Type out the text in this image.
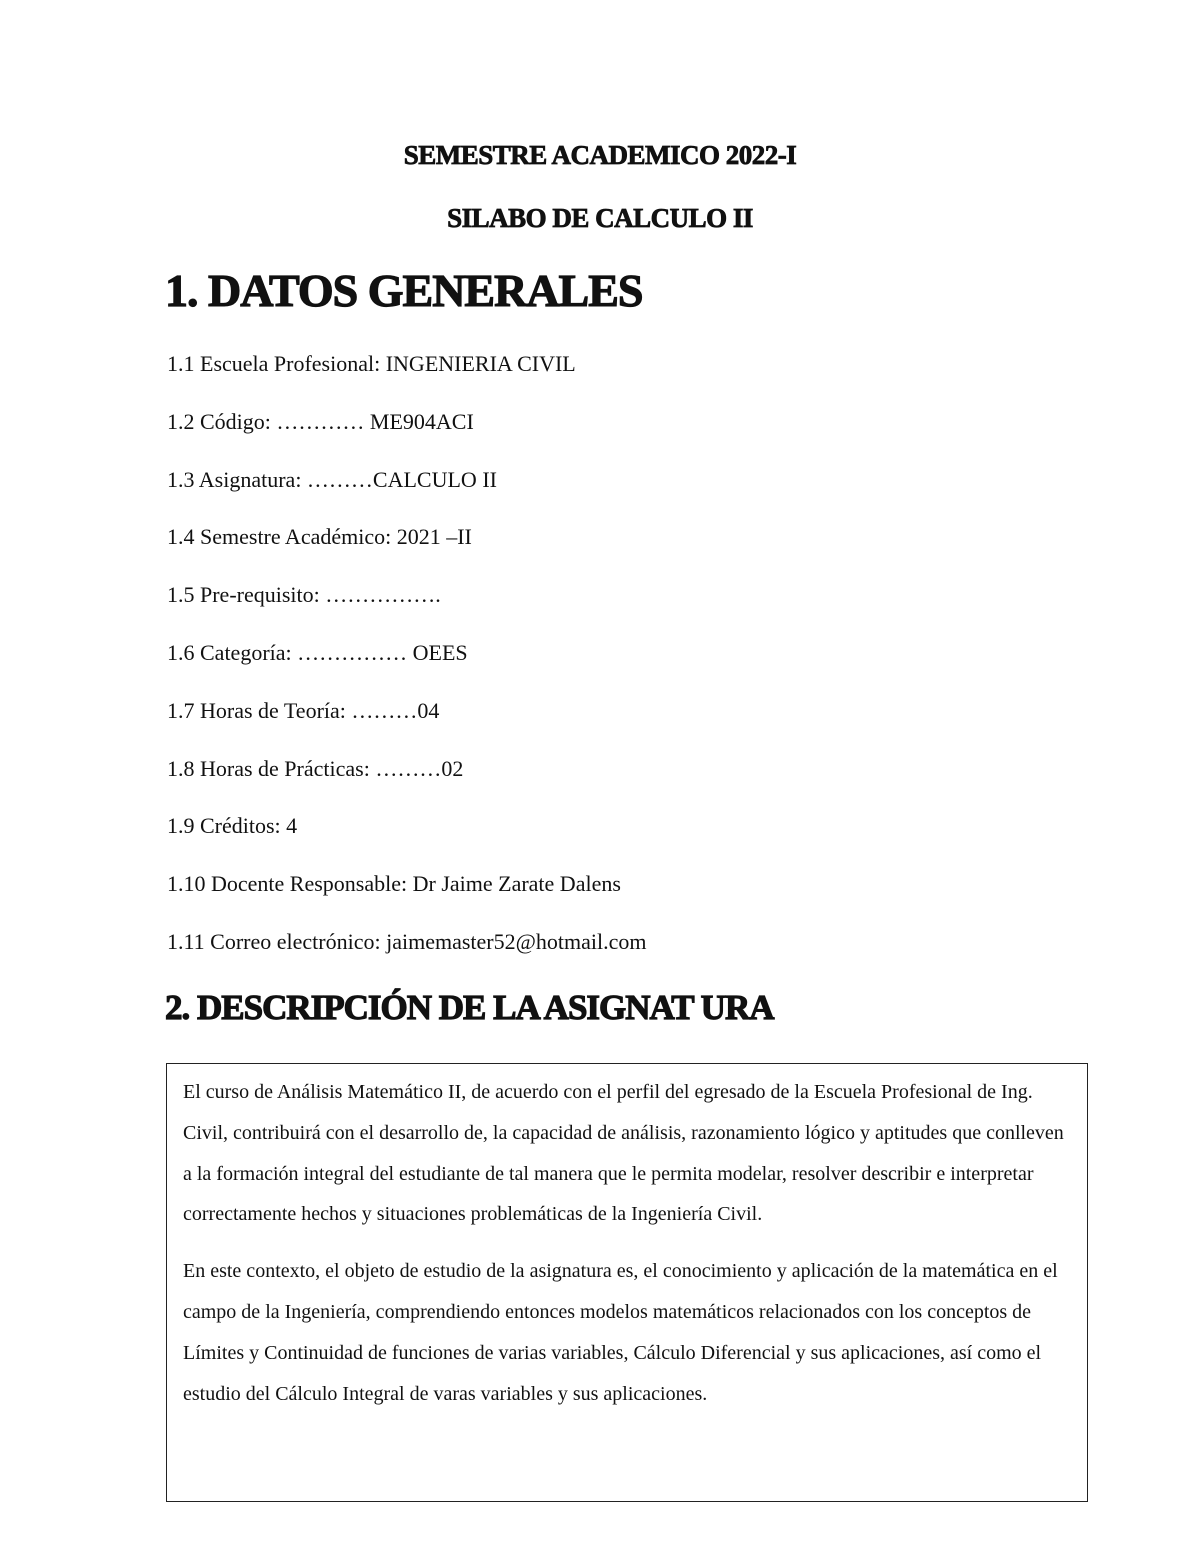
SEMESTRE ACADEMICO 2022-I
SILABO DE CALCULO II
1. DATOS GENERALES
1.1 Escuela Profesional: INGENIERIA CIVIL
1.2 Código: ………… ME904ACI
1.3 Asignatura: ………CALCULO II
1.4 Semestre Académico: 2021 –II
1.5 Pre-requisito: …………….
1.6 Categoría: …………… OEES
1.7 Horas de Teoría: ………04
1.8 Horas de Prácticas: ………02
1.9 Créditos: 4
1.10 Docente Responsable: Dr Jaime Zarate Dalens
1.11 Correo electrónico: jaimemaster52@hotmail.com
2. DESCRIPCIÓN DE LA ASIGNAT URA

El curso de Análisis Matemático II, de acuerdo con el perfil del egresado de la Escuela Profesional de Ing. Civil, contribuirá con el desarrollo de, la capacidad de análisis, razonamiento lógico y aptitudes que conlleven a la formación integral del estudiante de tal manera que le permita modelar, resolver describir e interpretar correctamente hechos y situaciones problemáticas de la Ingeniería Civil.

En este contexto, el objeto de estudio de la asignatura es, el conocimiento y aplicación de la matemática en el campo de la Ingeniería, comprendiendo entonces modelos matemáticos relacionados con los conceptos de Límites y Continuidad de funciones de varias variables, Cálculo Diferencial y sus aplicaciones, así como el estudio del Cálculo Integral de varas variables y sus aplicaciones.
